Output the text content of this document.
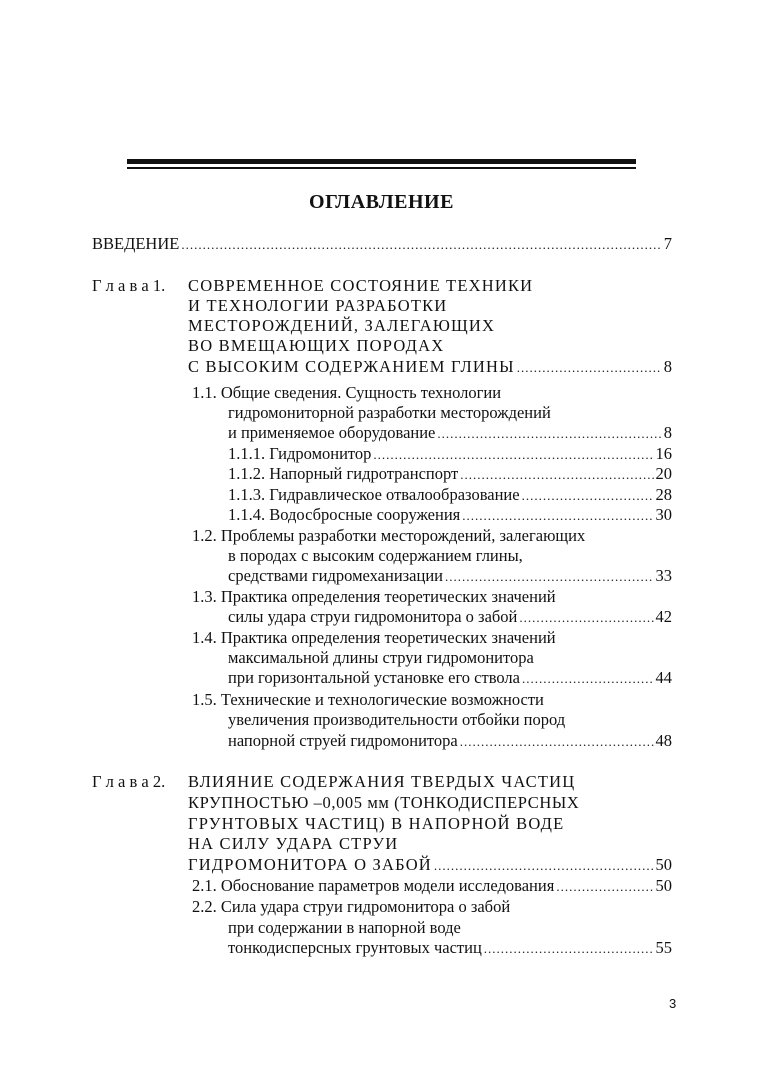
ОГЛАВЛЕНИЕ
ВВЕДЕНИЕ .....	7
Г л а в а 1. СОВРЕМЕННОЕ СОСТОЯНИЕ ТЕХНИКИ
И ТЕХНОЛОГИИ РАЗРАБОТКИ
МЕСТОРОЖДЕНИЙ, ЗАЛЕГАЮЩИХ
ВО ВМЕЩАЮЩИХ ПОРОДАХ
С ВЫСОКИМ СОДЕРЖАНИЕМ ГЛИНЫ .....	8
1.1. Общие сведения. Сущность технологии
гидромониторной разработки месторождений
и применяемое оборудование .....	8
1.1.1. Гидромонитор .....	16
1.1.2. Напорный гидротранспорт .....	20
1.1.3. Гидравлическое отвалообразование .....	28
1.1.4. Водосбросные сооружения .....	30
1.2. Проблемы разработки месторождений, залегающих
в породах с высоким содержанием глины,
средствами гидромеханизации .....	33
1.3. Практика определения теоретических значений
силы удара струи гидромонитора о забой .....	42
1.4. Практика определения теоретических значений
максимальной длины струи гидромонитора
при горизонтальной установке его ствола .....	44
1.5. Технические и технологические возможности
увеличения производительности отбойки пород
напорной струей гидромонитора .....	48
Г л а в а 2. ВЛИЯНИЕ СОДЕРЖАНИЯ ТВЕРДЫХ ЧАСТИЦ
КРУПНОСТЬЮ –0,005 мм (ТОНКОДИСПЕРСНЫХ
ГРУНТОВЫХ ЧАСТИЦ) В НАПОРНОЙ ВОДЕ
НА СИЛУ УДАРА СТРУИ
ГИДРОМОНИТОРА О ЗАБОЙ .....	50
2.1. Обоснование параметров модели исследования .....	50
2.2. Сила удара струи гидромонитора о забой
при содержании в напорной воде
тонкодисперсных грунтовых частиц .....	55
3
